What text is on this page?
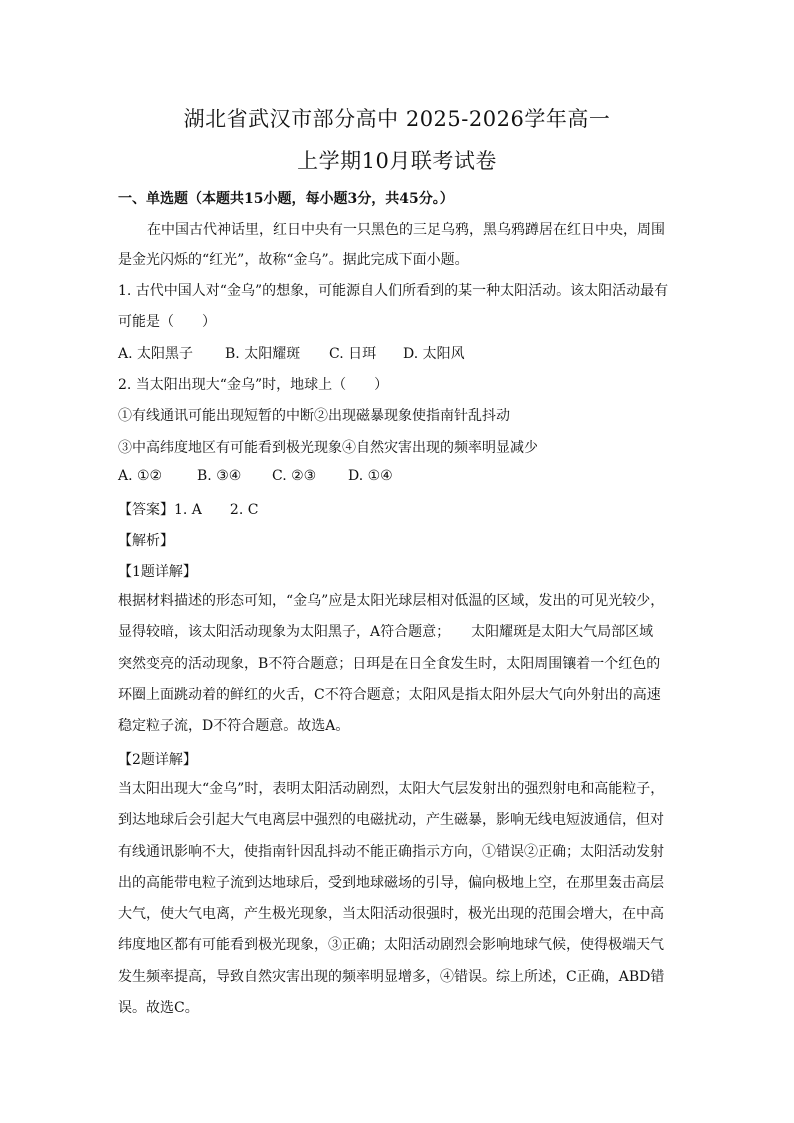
湖北省武汉市部分高中 2025-2026学年高一
上学期10月联考试卷
一、单选题（本题共15小题，每小题3分，共45分。）
在中国古代神话里，红日中央有一只黑色的三足乌鸦，黑乌鸦蹲居在红日中央，周围
是金光闪烁的“红光”，故称“金乌”。据此完成下面小题。
1. 古代中国人对“金乌”的想象，可能源自人们所看到的某一种太阳活动。该太阳活动最有
可能是（　　）
A. 太阳黑子 B. 太阳耀斑 C. 日珥 D. 太阳风
2. 当太阳出现大“金乌”时，地球上（　　）
①有线通讯可能出现短暂的中断②出现磁暴现象使指南针乱抖动
③中高纬度地区有可能看到极光现象④自然灾害出现的频率明显减少
A. ①② B. ③④ C. ②③ D. ①④
【答案】1. A　　2. C
【解析】
【1题详解】
根据材料描述的形态可知，“金乌”应是太阳光球层相对低温的区域，发出的可见光较少，
显得较暗，该太阳活动现象为太阳黑子，A符合题意；　　太阳耀斑是太阳大气局部区域
突然变亮的活动现象，B不符合题意；日珥是在日全食发生时，太阳周围镶着一个红色的
环圈上面跳动着的鲜红的火舌，C不符合题意；太阳风是指太阳外层大气向外射出的高速
稳定粒子流，D不符合题意。故选A。
【2题详解】
当太阳出现大“金乌”时，表明太阳活动剧烈，太阳大气层发射出的强烈射电和高能粒子，
到达地球后会引起大气电离层中强烈的电磁扰动，产生磁暴，影响无线电短波通信，但对
有线通讯影响不大，使指南针因乱抖动不能正确指示方向，①错误②正确；太阳活动发射
出的高能带电粒子流到达地球后，受到地球磁场的引导，偏向极地上空，在那里轰击高层
大气，使大气电离，产生极光现象，当太阳活动很强时，极光出现的范围会增大，在中高
纬度地区都有可能看到极光现象，③正确；太阳活动剧烈会影响地球气候，使得极端天气
发生频率提高，导致自然灾害出现的频率明显增多，④错误。综上所述，C正确，ABD错
误。故选C。
